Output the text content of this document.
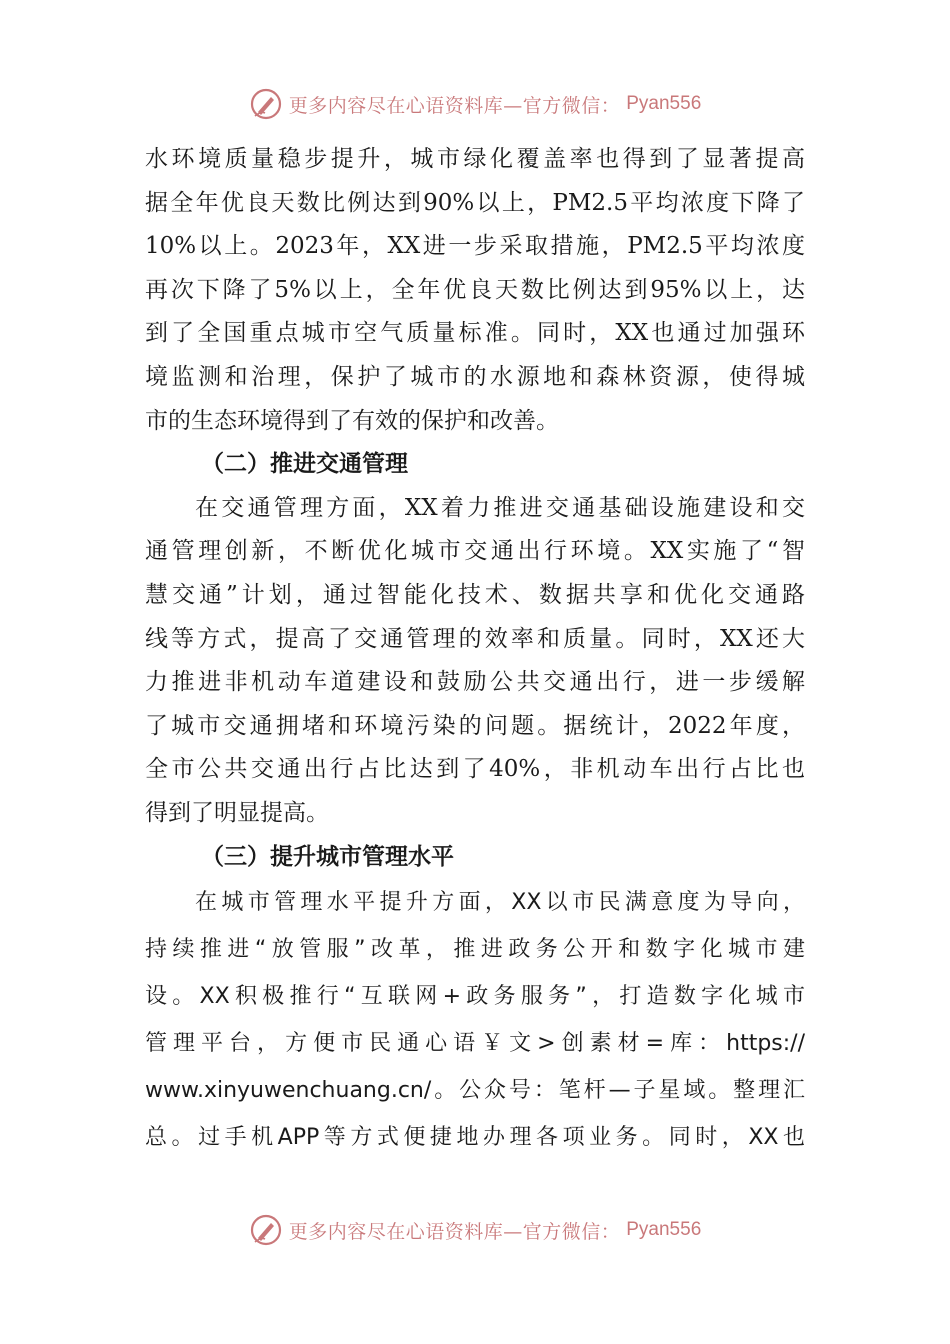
更多内容尽在心语资料库—官方微信： Pyan556
水环境质量稳步提升，城市绿化覆盖率也得到了显著提高
据全年优良天数比例达到90%以上，PM2.5平均浓度下降了
10%以上。2023年，XX进一步采取措施，PM2.5平均浓度
再次下降了5%以上，全年优良天数比例达到95%以上，达
到了全国重点城市空气质量标准。同时，XX也通过加强环
境监测和治理，保护了城市的水源地和森林资源，使得城
市的生态环境得到了有效的保护和改善。
（二）推进交通管理
在交通管理方面，XX着力推进交通基础设施建设和交
通管理创新，不断优化城市交通出行环境。XX实施了“智
慧交通”计划，通过智能化技术、数据共享和优化交通路
线等方式，提高了交通管理的效率和质量。同时，XX还大
力推进非机动车道建设和鼓励公共交通出行，进一步缓解
了城市交通拥堵和环境污染的问题。据统计，2022年度，
全市公共交通出行占比达到了40%，非机动车出行占比也
得到了明显提高。
（三）提升城市管理水平
在城市管理水平提升方面，XX以市民满意度为导向，
持续推进“放管服”改革，推进政务公开和数字化城市建
设。XX积极推行“互联网+政务服务”，打造数字化城市
管理平台，方便市民通心语￥文>创素材=库：https://
www.xinyuwenchuang.cn/。公众号：笔杆—子星域。整理汇
总。过手机APP等方式便捷地办理各项业务。同时，XX也
更多内容尽在心语资料库—官方微信： Pyan556
